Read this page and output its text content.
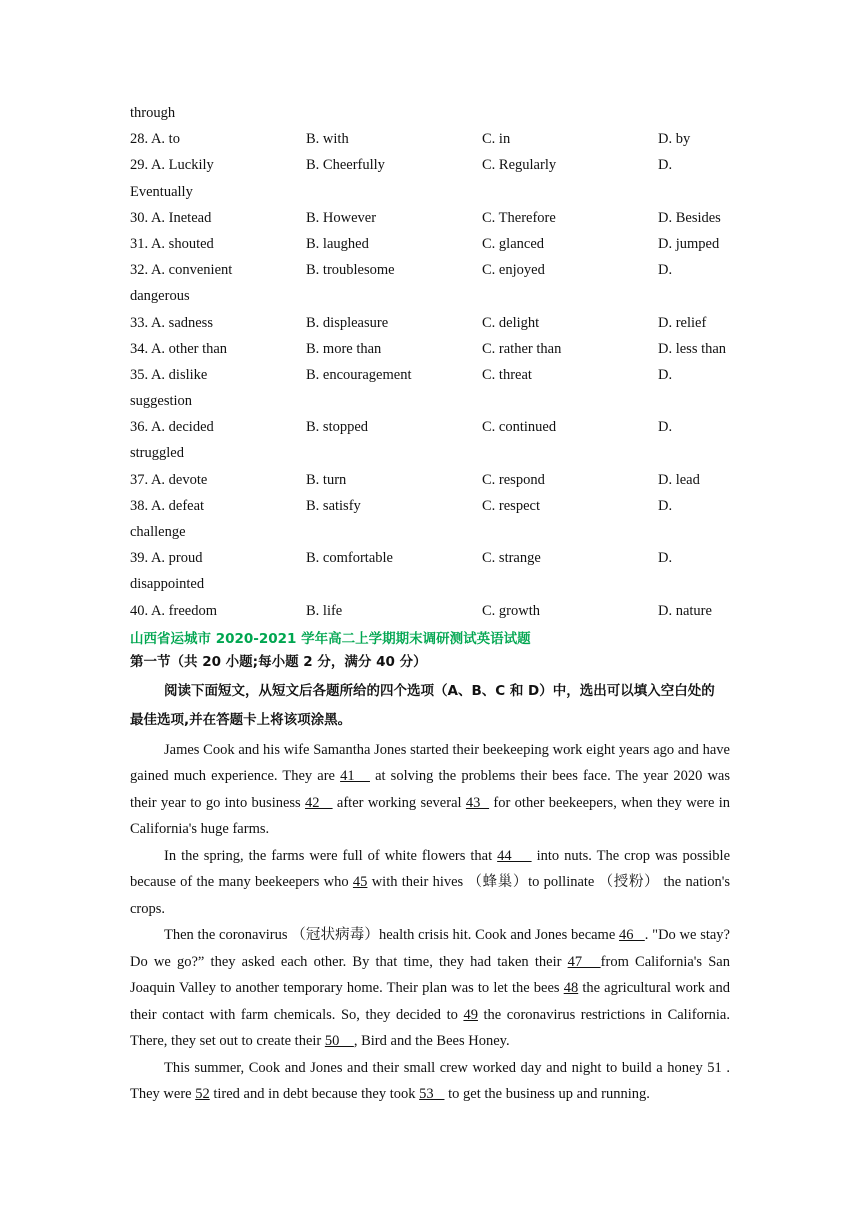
through
28. A. to	B. with	C. in	D. by
29. A. Luckily	B. Cheerfully	C. Regularly	D.
Eventually
30. A. Inetead	B. However	C. Therefore	D. Besides
31. A. shouted	B. laughed	C. glanced	D. jumped
32. A. convenient	B. troublesome	C. enjoyed	D.
dangerous
33. A. sadness	B. displeasure	C. delight	D. relief
34. A. other than	B. more than	C. rather than	D. less than
35. A. dislike	B. encouragement	C. threat	D.
suggestion
36. A. decided	B. stopped	C. continued	D.
struggled
37. A. devote	B. turn	C. respond	D. lead
38. A. defeat	B. satisfy	C. respect	D.
challenge
39. A. proud	B. comfortable	C. strange	D.
disappointed
40. A. freedom	B. life	C. growth	D. nature
山西省运城市 2020-2021 学年高二上学期期末调研测试英语试题
第一节（共 20 小题;每小题 2 分，满分 40 分）
阅读下面短文，从短文后各题所给的四个选项（A、B、C 和 D）中，选出可以填入空白处的 最佳选项,并在答题卡上将该项涂黑。

James Cook and his wife Samantha Jones started their beekeeping work eight years ago and have gained much experience. They are 41    at solving the problems their bees face. The year 2020 was their year to go into business 42    after working several 43   for other beekeepers, when they were in California's huge farms.

In the spring, the farms were full of white flowers that 44     into nuts. The crop was possible because of the many beekeepers who 45 with their hives （蜂巢）to pollinate （授粉） the nation's crops.

Then the coronavirus （冠状病毒）health crisis hit. Cook and Jones became 46   . "Do we stay? Do we go?” they asked each other. By that time, they had taken their 47   from California's San Joaquin Valley to another temporary home. Their plan was to let the bees 48 the agricultural work and their contact with farm chemicals. So, they decided to 49 the coronavirus restrictions in California. There, they set out to create their 50    , Bird and the Bees Honey.

This summer, Cook and Jones and their small crew worked day and night to build a honey 51 . They were 52 tired and in debt because they took 53    to get the business up and running.
